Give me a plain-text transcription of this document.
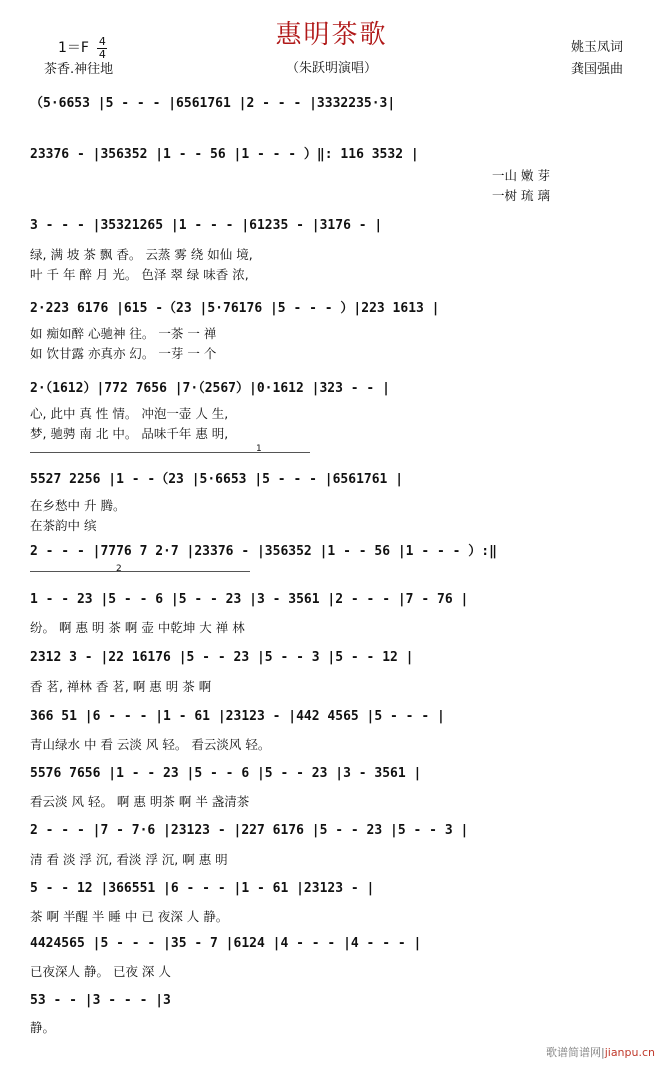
惠明茶歌
（朱跃明演唱）
$1=F \frac{4}{4}$
茶香.神往地
姚玉凤词
龚国强曲
（5·6653 |5 - - - |6561761 |2 - - - |3332235·3|
23376 - |356352 |1 - - 56 |1 - - - ）‖: 116 3532 |
一山 嫩 芽
一树 琉 璃
3 - - - |35321265 |1 - - - |61235 - |3176 - |
绿, 满 坡 茶 飘 香。 云蒸 雾 绕 如仙 境,
叶 千 年 醉 月 光。 色泽 翠 绿 味香 浓,
2·223 6176 |615 -（23 |5·76176 |5 - - - ）|223 1613 |
如 痴如醉 心驰神 往。 一茶 一 禅
如 饮甘露 亦真亦 幻。 一芽 一 个
2·（1612）|772 7656 |7·（2567）|0·1612 |323 - - |
心, 此中 真 性 情。 冲泡一壶 人 生,
梦, 驰骋 南 北 中。 品味千年 惠 明,
1
5527 2256 |1 - -（23 |5·6653 |5 - - - |6561761 |
在乡愁中 升 腾。
在茶韵中 缤
2 - - - |7776 7 2·7 |23376 - |356352 |1 - - 56 |1 - - - ）:‖
2
1 - - 23 |5 - - 6 |5 - - 23 |3 - 3561 |2 - - - |7 - 76 |
纷。 啊 惠 明 茶 啊 壶 中乾坤 大 禅 林
2312 3 - |22 16176 |5 - - 23 |5 - - 3 |5 - - 12 |
香 茗, 禅林 香 茗, 啊 惠 明 茶 啊
366 51 |6 - - - |1 - 61 |23123 - |442 4565 |5 - - - |
青山绿水 中 看 云淡 风 轻。 看云淡风 轻。
5576 7656 |1 - - 23 |5 - - 6 |5 - - 23 |3 - 3561 |
看云淡 风 轻。 啊 惠 明茶 啊 半 盏清茶
2 - - - |7 - 7·6 |23123 - |227 6176 |5 - - 23 |5 - - 3 |
清 看 淡 浮 沉, 看淡 浮 沉, 啊 惠 明
5 - - 12 |366551 |6 - - - |1 - 61 |23123 - |
茶 啊 半醒 半 睡 中 已 夜深 人 静。
4424565 |5 - - - |35 - 7 |6124 |4 - - - |4 - - - |
已夜深人 静。 已夜 深 人
53 - - |3 - - - |3
静。
歌谱简谱网|jianpu.cn
